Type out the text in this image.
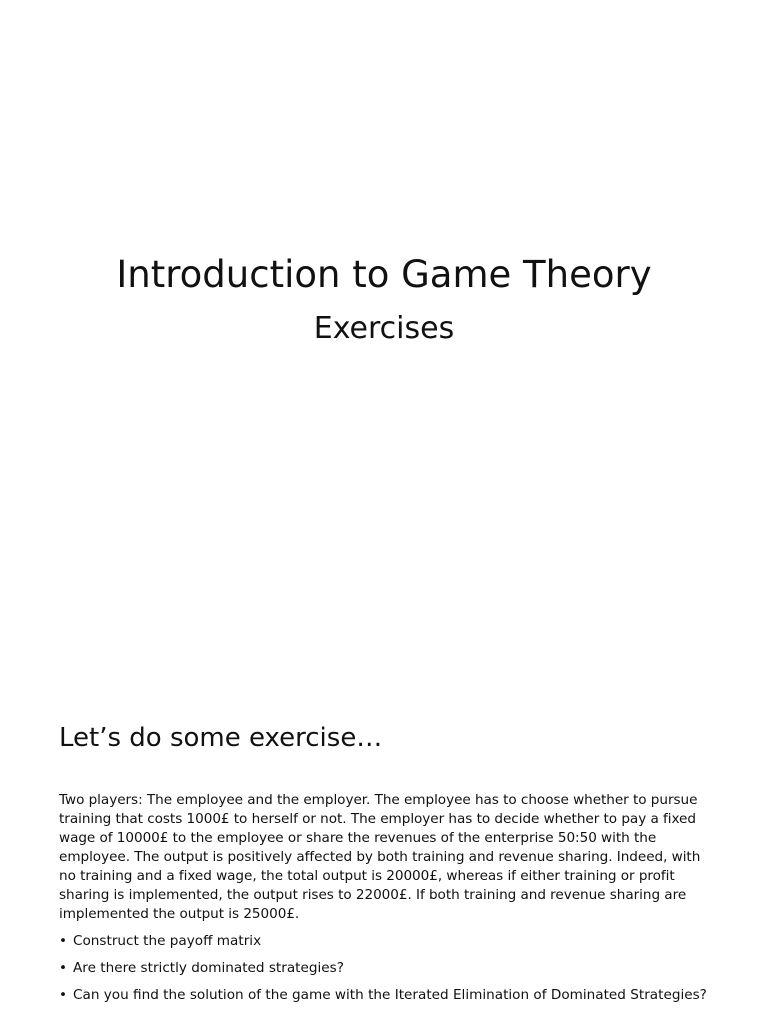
Introduction to Game Theory
Exercises
Let’s do some exercise…

Two players: The employee and the employer. The employee has to choose whether to pursue training that costs 1000£ to herself or not. The employer has to decide whether to pay a fixed wage of 10000£ to the employee or share the revenues of the enterprise 50:50 with the employee. The output is positively affected by both training and revenue sharing. Indeed, with no training and a fixed wage, the total output is 20000£, whereas if either training or profit sharing is implemented, the output rises to 22000£. If both training and revenue sharing are implemented the output is 25000£.

• Construct the payoff matrix
• Are there strictly dominated strategies?
• Can you find the solution of the game with the Iterated Elimination of Dominated Strategies?
